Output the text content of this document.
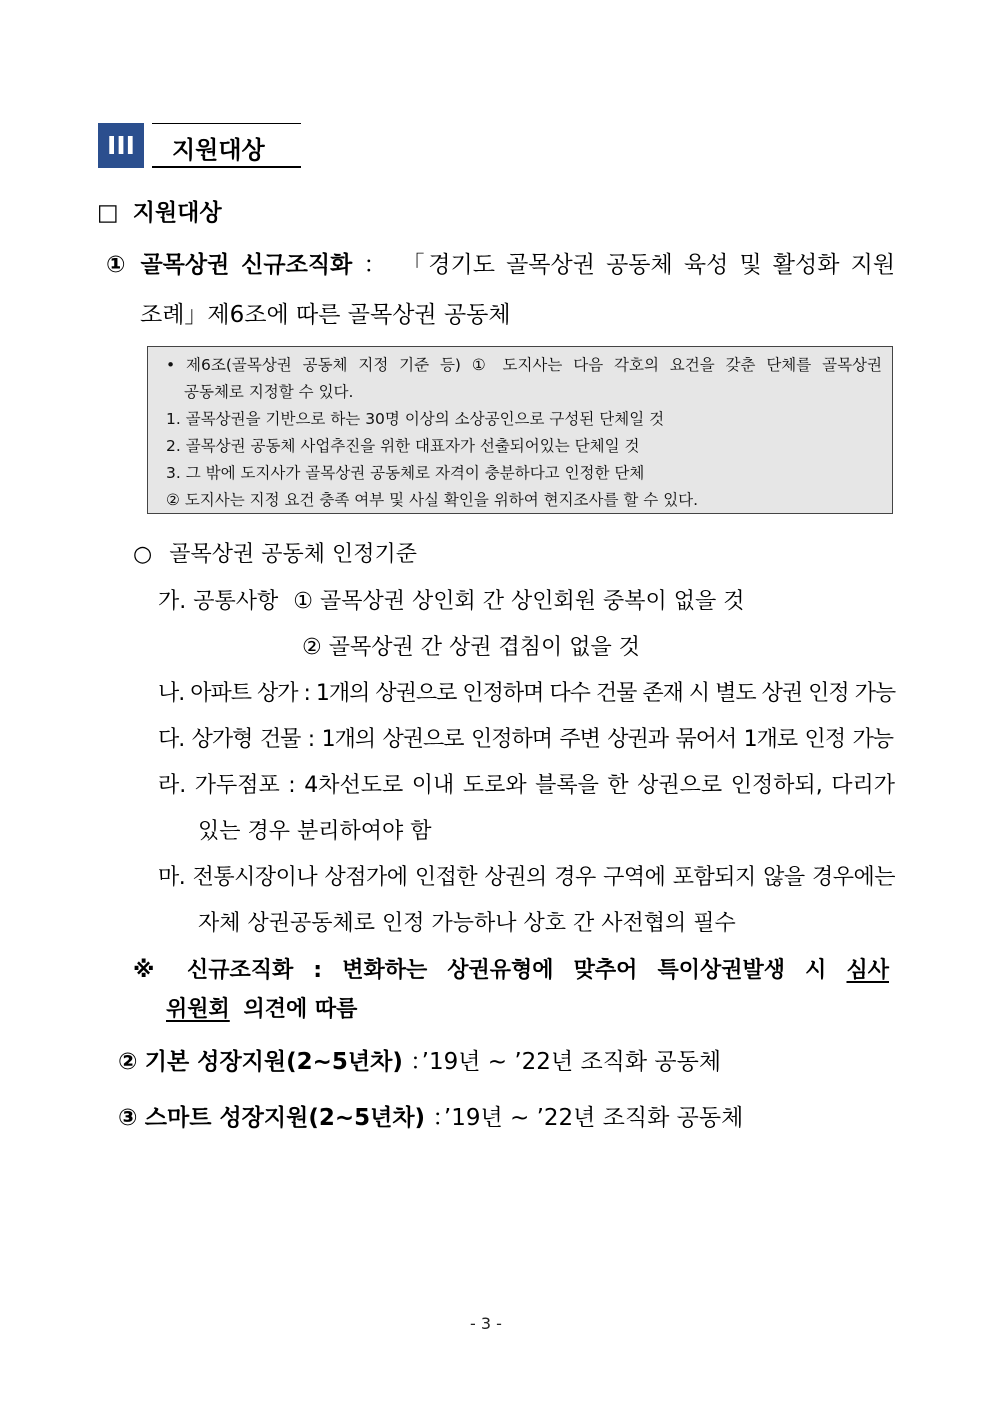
III 지원대상
□ 지원대상
① 골목상권 신규조직화 ： 「경기도 골목상권 공동체 육성 및 활성화 지원
조례」제6조에 따른 골목상권 공동체
• 제6조(골목상권 공동체 지정 기준 등) ① 도지사는 다음 각호의 요건을 갖춘 단체를 골목상권
공동체로 지정할 수 있다.
1. 골목상권을 기반으로 하는 30명 이상의 소상공인으로 구성된 단체일 것
2. 골목상권 공동체 사업추진을 위한 대표자가 선출되어있는 단체일 것
3. 그 밖에 도지사가 골목상권 공동체로 자격이 충분하다고 인정한 단체
② 도지사는 지정 요건 충족 여부 및 사실 확인을 위하여 현지조사를 할 수 있다.
○ 골목상권 공동체 인정기준
가. 공통사항 ① 골목상권 상인회 간 상인회원 중복이 없을 것
② 골목상권 간 상권 겹침이 없을 것
나. 아파트 상가 : 1개의 상권으로 인정하며 다수 건물 존재 시 별도 상권 인정 가능
다. 상가형 건물 : 1개의 상권으로 인정하며 주변 상권과 묶어서 1개로 인정 가능
라. 가두점포 : 4차선도로 이내 도로와 블록을 한 상권으로 인정하되, 다리가
있는 경우 분리하여야 함
마. 전통시장이나 상점가에 인접한 상권의 경우 구역에 포함되지 않을 경우에는
자체 상권공동체로 인정 가능하나 상호 간 사전협의 필수
※ 신규조직화 : 변화하는 상권유형에 맞추어 특이상권발생 시 심사
위원회 의견에 따름
② 기본 성장지원(2~5년차) ：’19년 ~ ’22년 조직화 공동체
③ 스마트 성장지원(2~5년차) ：’19년 ~ ’22년 조직화 공동체
- 3 -
